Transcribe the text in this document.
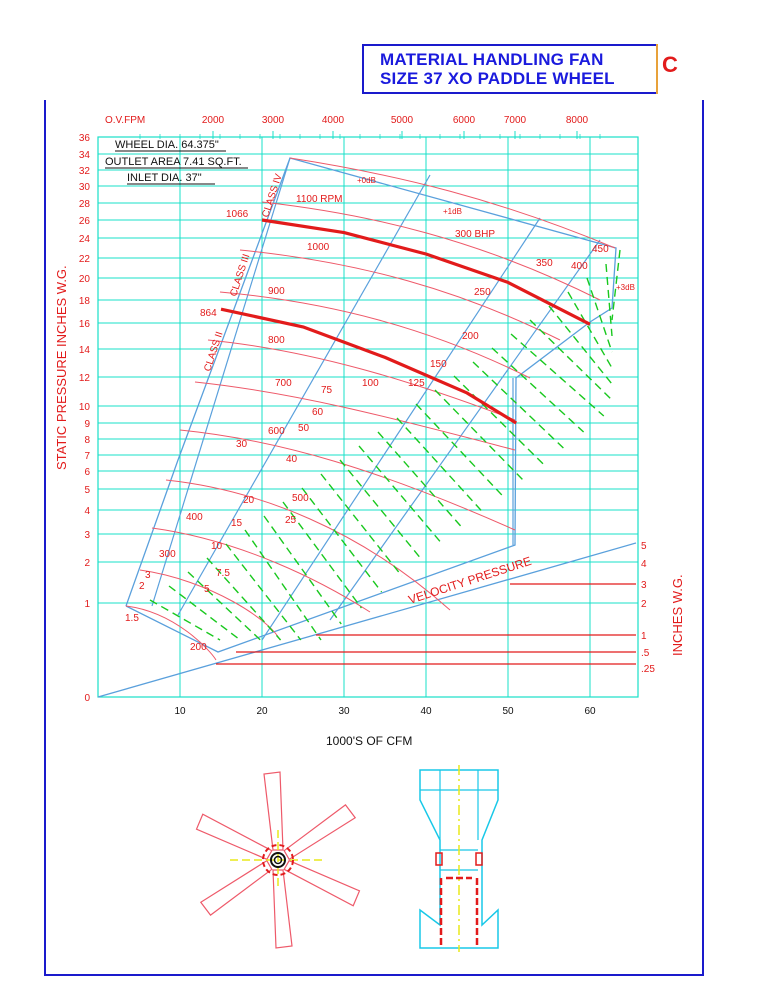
MATERIAL HANDLING FAN
SIZE 37 XO PADDLE WHEEL
C
0
1
2
3
4
5
6
7
8
9
10
12
14
16
18
20
22
24
26
28
30
32
34
36
10	20	30	40	50	60
2000	3000	4000	5000	6000	7000	8000
.25
.5
1
2
3
4
5
WHEEL DIA. 64.375"
OUTLET AREA 7.41 SQ.FT.
INLET DIA. 37"
O.V.FPM
1000'S OF CFM
STATIC PRESSURE INCHES W.G.
INCHES W.G.
VELOCITY PRESSURE
CLASS IV
CLASS III
CLASS II
1066
864
1100 RPM
1000
900
800
700
600
500
400
300
200
300 BHP
450
400
350
250
200
150
125
100
75
60
50
40
30
25
20
15
10
7.5
5
3
2
1.5
+0dB
+1dB
+3dB
